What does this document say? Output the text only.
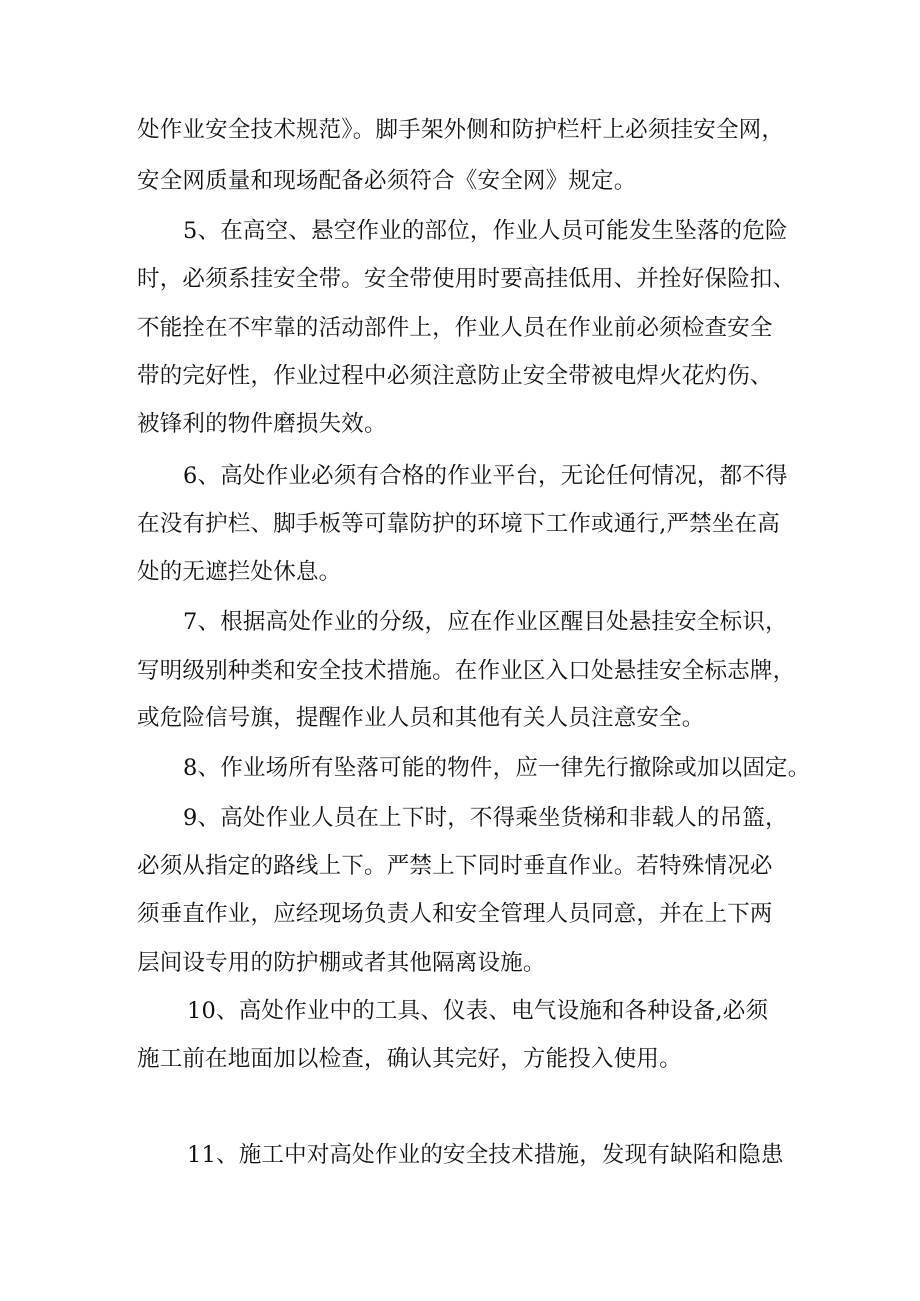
处作业安全技术规范》。脚手架外侧和防护栏杆上必须挂安全网，
安全网质量和现场配备必须符合《安全网》规定。
5、在高空、悬空作业的部位，作业人员可能发生坠落的危险
时，必须系挂安全带。安全带使用时要高挂低用、并拴好保险扣、
不能拴在不牢靠的活动部件上，作业人员在作业前必须检查安全
带的完好性，作业过程中必须注意防止安全带被电焊火花灼伤、
被锋利的物件磨损失效。
6、高处作业必须有合格的作业平台，无论任何情况，都不得
在没有护栏、脚手板等可靠防护的环境下工作或通行,严禁坐在高
处的无遮拦处休息。
7、根据高处作业的分级，应在作业区醒目处悬挂安全标识，
写明级别种类和安全技术措施。在作业区入口处悬挂安全标志牌，
或危险信号旗，提醒作业人员和其他有关人员注意安全。
8、作业场所有坠落可能的物件，应一律先行撤除或加以固定。
9、高处作业人员在上下时，不得乘坐货梯和非载人的吊篮，
必须从指定的路线上下。严禁上下同时垂直作业。若特殊情况必
须垂直作业，应经现场负责人和安全管理人员同意，并在上下两
层间设专用的防护棚或者其他隔离设施。
10、高处作业中的工具、仪表、电气设施和各种设备,必须
施工前在地面加以检查，确认其完好，方能投入使用。
11、施工中对高处作业的安全技术措施，发现有缺陷和隐患
